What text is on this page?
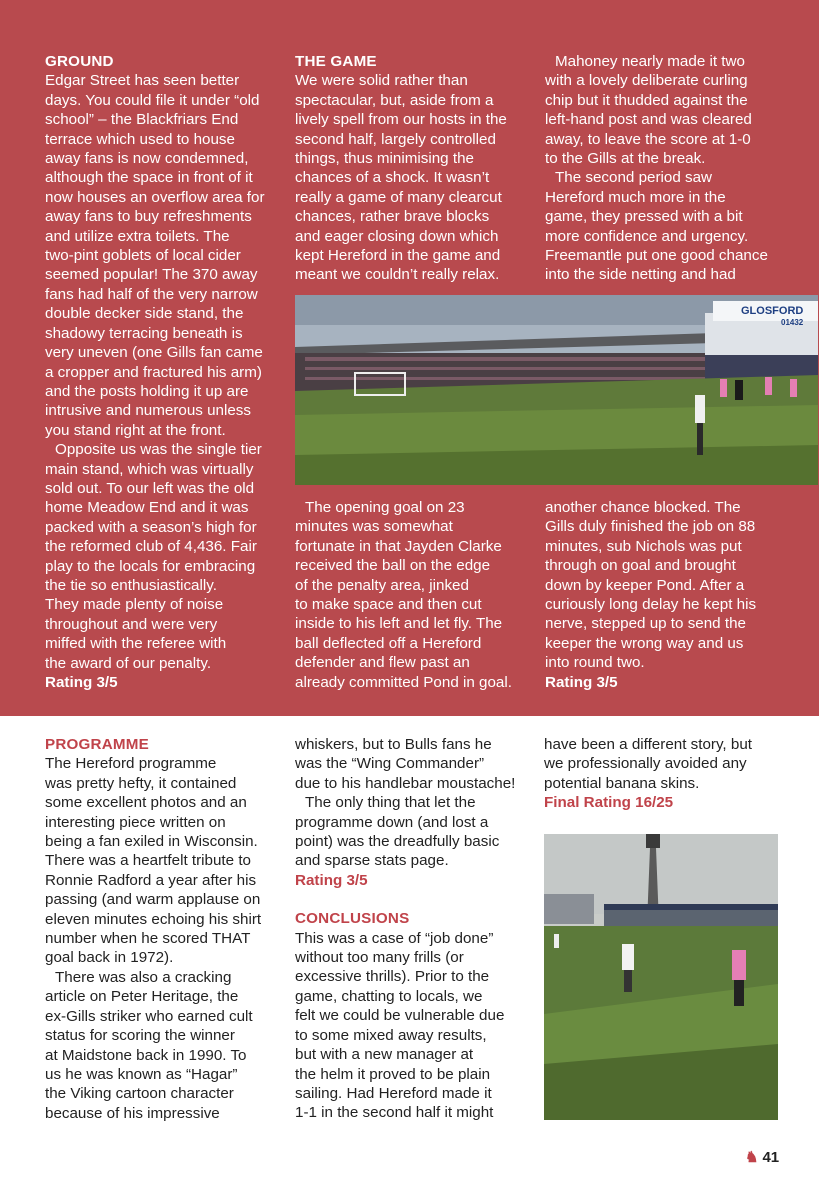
GROUND
Edgar Street has seen better
days. You could file it under “old
school” – the Blackfriars End
terrace which used to house
away fans is now condemned,
although the space in front of it
now houses an overflow area for
away fans to buy refreshments
and utilize extra toilets. The
two-pint goblets of local cider
seemed popular! The 370 away
fans had half of the very narrow
double decker side stand, the
shadowy terracing beneath is
very uneven (one Gills fan came
a cropper and fractured his arm)
and the posts holding it up are
intrusive and numerous unless
you stand right at the front.
Opposite us was the single tier
main stand, which was virtually
sold out. To our left was the old
home Meadow End and it was
packed with a season’s high for
the reformed club of 4,436. Fair
play to the locals for embracing
the tie so enthusiastically.
They made plenty of noise
throughout and were very
miffed with the referee with
the award of our penalty.
Rating 3/5
THE GAME
We were solid rather than
spectacular, but, aside from a
lively spell from our hosts in the
second half, largely controlled
things, thus minimising the
chances of a shock. It wasn’t
really a game of many clearcut
chances, rather brave blocks
and eager closing down which
kept Hereford in the game and
meant we couldn’t really relax.
Mahoney nearly made it two
with a lovely deliberate curling
chip but it thudded against the
left-hand post and was cleared
away, to leave the score at 1-0
to the Gills at the break.
The second period saw
Hereford much more in the
game, they pressed with a bit
more confidence and urgency.
Freemantle put one good chance
into the side netting and had
GLOSFORD
01432
The opening goal on 23
minutes was somewhat
fortunate in that Jayden Clarke
received the ball on the edge
of the penalty area, jinked
to make space and then cut
inside to his left and let fly. The
ball deflected off a Hereford
defender and flew past an
already committed Pond in goal.
another chance blocked. The
Gills duly finished the job on 88
minutes, sub Nichols was put
through on goal and brought
down by keeper Pond. After a
curiously long delay he kept his
nerve, stepped up to send the
keeper the wrong way and us
into round two.
Rating 3/5
PROGRAMME
The Hereford programme
was pretty hefty, it contained
some excellent photos and an
interesting piece written on
being a fan exiled in Wisconsin.
There was a heartfelt tribute to
Ronnie Radford a year after his
passing (and warm applause on
eleven minutes echoing his shirt
number when he scored THAT
goal back in 1972).
There was also a cracking
article on Peter Heritage, the
ex-Gills striker who earned cult
status for scoring the winner
at Maidstone back in 1990. To
us he was known as “Hagar”
the Viking cartoon character
because of his impressive
whiskers, but to Bulls fans he
was the “Wing Commander”
due to his handlebar moustache!
The only thing that let the
programme down (and lost a
point) was the dreadfully basic
and sparse stats page.
Rating 3/5
CONCLUSIONS
This was a case of “job done”
without too many frills (or
excessive thrills). Prior to the
game, chatting to locals, we
felt we could be vulnerable due
to some mixed away results,
but with a new manager at
the helm it proved to be plain
sailing. Had Hereford made it
1-1 in the second half it might
have been a different story, but
we professionally avoided any
potential banana skins.
Final Rating 16/25
♞ 41
